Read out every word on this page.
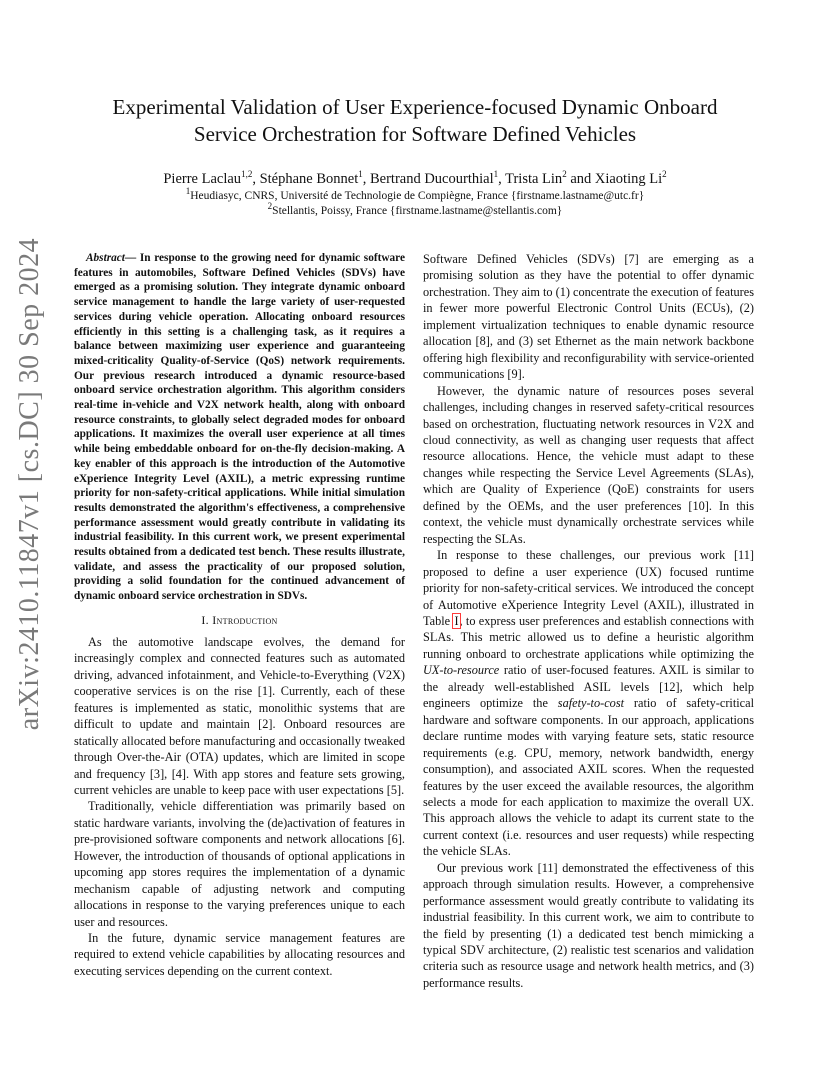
arXiv:2410.11847v1 [cs.DC] 30 Sep 2024
Experimental Validation of User Experience-focused Dynamic Onboard Service Orchestration for Software Defined Vehicles
Pierre Laclau$^{1,2}$, Stéphane Bonnet$^1$, Bertrand Ducourthial$^1$, Trista Lin$^2$ and Xiaoting Li$^2$
$^1$Heudiasyc, CNRS, Université de Technologie de Compiègne, France {firstname.lastname@utc.fr}
$^2$Stellantis, Poissy, France {firstname.lastname@stellantis.com}

Abstract— In response to the growing need for dynamic software features in automobiles, Software Defined Vehicles (SDVs) have emerged as a promising solution. They integrate dynamic onboard service management to handle the large variety of user-requested services during vehicle operation. Allocating onboard resources efficiently in this setting is a challenging task, as it requires a balance between maximizing user experience and guaranteeing mixed-criticality Quality-of-Service (QoS) network requirements. Our previous research introduced a dynamic resource-based onboard service orchestration algorithm. This algorithm considers real-time in-vehicle and V2X network health, along with onboard resource constraints, to globally select degraded modes for onboard applications. It maximizes the overall user experience at all times while being embeddable onboard for on-the-fly decision-making. A key enabler of this approach is the introduction of the Automotive eXperience Integrity Level (AXIL), a metric expressing runtime priority for non-safety-critical applications. While initial simulation results demonstrated the algorithm's effectiveness, a comprehensive performance assessment would greatly contribute in validating its industrial feasibility. In this current work, we present experimental results obtained from a dedicated test bench. These results illustrate, validate, and assess the practicality of our proposed solution, providing a solid foundation for the continued advancement of dynamic onboard service orchestration in SDVs.

I. Introduction

As the automotive landscape evolves, the demand for increasingly complex and connected features such as automated driving, advanced infotainment, and Vehicle-to-Everything (V2X) cooperative services is on the rise [1]. Currently, each of these features is implemented as static, monolithic systems that are difficult to update and maintain [2]. Onboard resources are statically allocated before manufacturing and occasionally tweaked through Over-the-Air (OTA) updates, which are limited in scope and frequency [3], [4]. With app stores and feature sets growing, current vehicles are unable to keep pace with user expectations [5].

Traditionally, vehicle differentiation was primarily based on static hardware variants, involving the (de)activation of features in pre-provisioned software components and network allocations [6]. However, the introduction of thousands of optional applications in upcoming app stores requires the implementation of a dynamic mechanism capable of adjusting network and computing allocations in response to the varying preferences unique to each user and resources.

In the future, dynamic service management features are required to extend vehicle capabilities by allocating resources and executing services depending on the current context.

Software Defined Vehicles (SDVs) [7] are emerging as a promising solution as they have the potential to offer dynamic orchestration. They aim to (1) concentrate the execution of features in fewer more powerful Electronic Control Units (ECUs), (2) implement virtualization techniques to enable dynamic resource allocation [8], and (3) set Ethernet as the main network backbone offering high flexibility and reconfigurability with service-oriented communications [9].

However, the dynamic nature of resources poses several challenges, including changes in reserved safety-critical resources based on orchestration, fluctuating network resources in V2X and cloud connectivity, as well as changing user requests that affect resource allocations. Hence, the vehicle must adapt to these changes while respecting the Service Level Agreements (SLAs), which are Quality of Experience (QoE) constraints for users defined by the OEMs, and the user preferences [10]. In this context, the vehicle must dynamically orchestrate services while respecting the SLAs.

In response to these challenges, our previous work [11] proposed to define a user experience (UX) focused runtime priority for non-safety-critical services. We introduced the concept of Automotive eXperience Integrity Level (AXIL), illustrated in Table I, to express user preferences and establish connections with SLAs. This metric allowed us to define a heuristic algorithm running onboard to orchestrate applications while optimizing the UX-to-resource ratio of user-focused features. AXIL is similar to the already well-established ASIL levels [12], which help engineers optimize the safety-to-cost ratio of safety-critical hardware and software components. In our approach, applications declare runtime modes with varying feature sets, static resource requirements (e.g. CPU, memory, network bandwidth, energy consumption), and associated AXIL scores. When the requested features by the user exceed the available resources, the algorithm selects a mode for each application to maximize the overall UX. This approach allows the vehicle to adapt its current state to the current context (i.e. resources and user requests) while respecting the vehicle SLAs.

Our previous work [11] demonstrated the effectiveness of this approach through simulation results. However, a comprehensive performance assessment would greatly contribute to validating its industrial feasibility. In this current work, we aim to contribute to the field by presenting (1) a dedicated test bench mimicking a typical SDV architecture, (2) realistic test scenarios and validation criteria such as resource usage and network health metrics, and (3) performance results.
